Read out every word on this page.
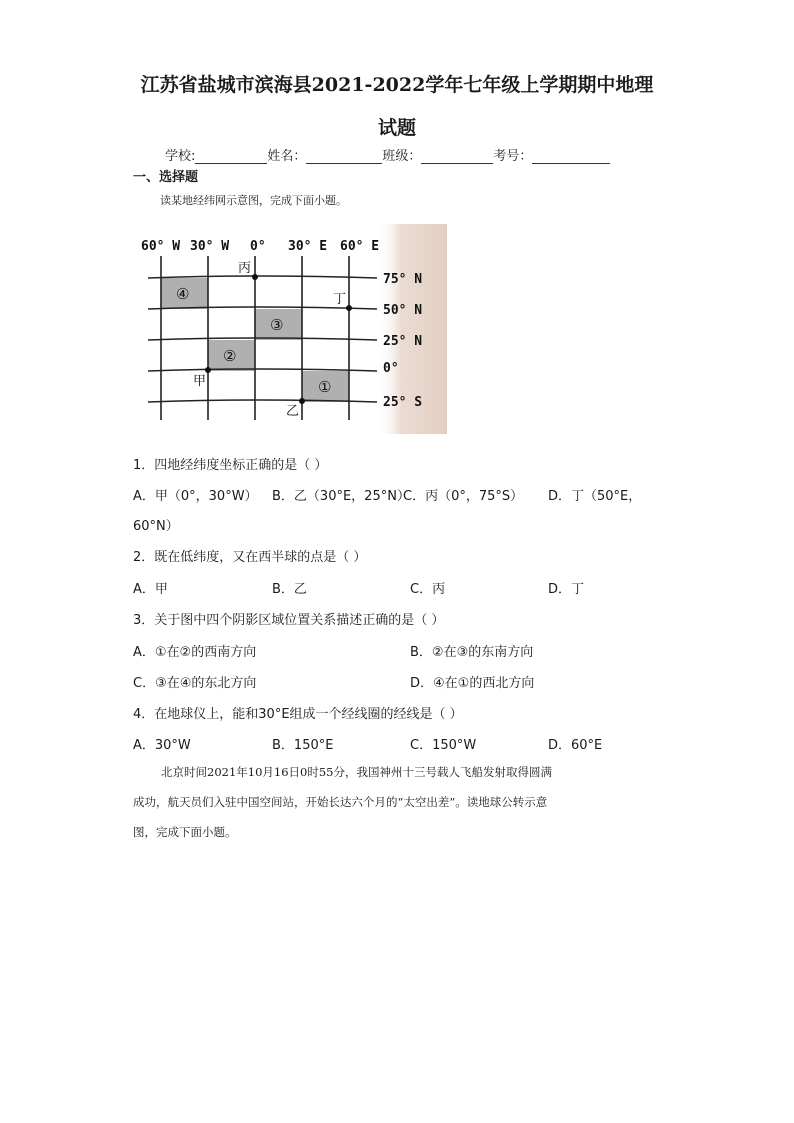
江苏省盐城市滨海县2021-2022学年七年级上学期期中地理
试题
学校:	姓名：	班级：	考号：
一、选择题
读某地经纬网示意图，完成下面小题。
60° W 30° W 0° 30° E 60° E
75° N
50° N
25° N
0°
25° S
甲
乙
丙
丁
①
②
③
④
1．四地经纬度坐标正确的是（ ）
A．甲（0°，30°W） B．乙（30°E，25°N）
C．丙（0°，75°S） D．丁（50°E，
60°N）
2．既在低纬度，又在西半球的点是（ ）
A．甲	B．乙	C．丙	D．丁
3．关于图中四个阴影区域位置关系描述正确的是（ ）
A．①在②的西南方向	B．②在③的东南方向
C．③在④的东北方向	D．④在①的西北方向
4．在地球仪上，能和30°E组成一个经线圈的经线是（ ）
A．30°W	B．150°E	C．150°W	D．60°E
北京时间2021年10月16日0时55分，我国神州十三号载人飞船发射取得圆满
成功，航天员们入驻中国空间站，开始长达六个月的“太空出差”。读地球公转示意
图，完成下面小题。
